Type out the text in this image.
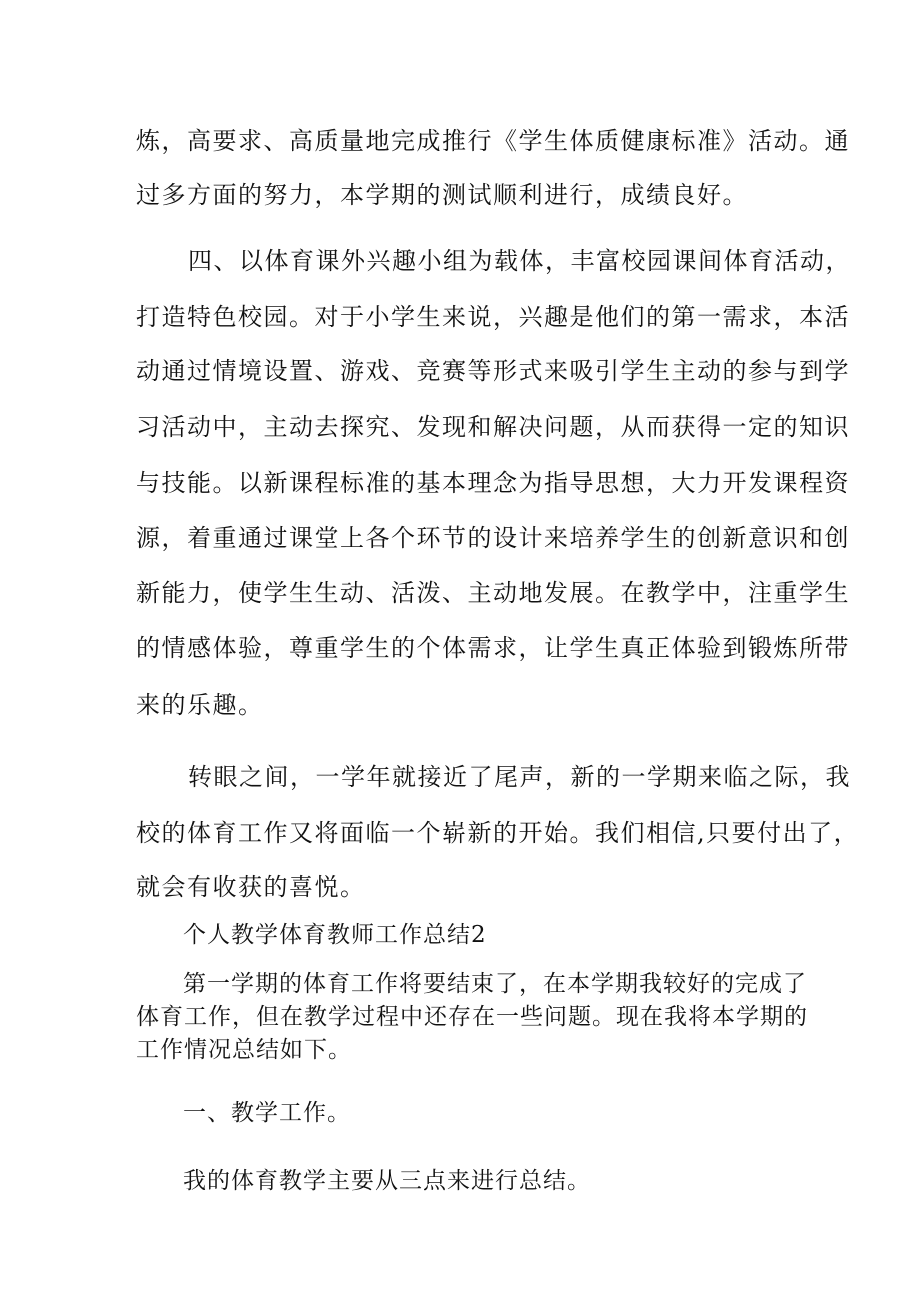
炼，高要求、高质量地完成推行《学生体质健康标准》活动。通
过多方面的努力，本学期的测试顺利进行，成绩良好。
四、以体育课外兴趣小组为载体，丰富校园课间体育活动，
打造特色校园。对于小学生来说，兴趣是他们的第一需求，本活
动通过情境设置、游戏、竞赛等形式来吸引学生主动的参与到学
习活动中，主动去探究、发现和解决问题，从而获得一定的知识
与技能。以新课程标准的基本理念为指导思想，大力开发课程资
源，着重通过课堂上各个环节的设计来培养学生的创新意识和创
新能力，使学生生动、活泼、主动地发展。在教学中，注重学生
的情感体验，尊重学生的个体需求，让学生真正体验到锻炼所带
来的乐趣。
转眼之间，一学年就接近了尾声，新的一学期来临之际，我
校的体育工作又将面临一个崭新的开始。我们相信,只要付出了，
就会有收获的喜悦。
个人教学体育教师工作总结2
第一学期的体育工作将要结束了，在本学期我较好的完成了
体育工作，但在教学过程中还存在一些问题。现在我将本学期的
工作情况总结如下。
一、教学工作。
我的体育教学主要从三点来进行总结。
